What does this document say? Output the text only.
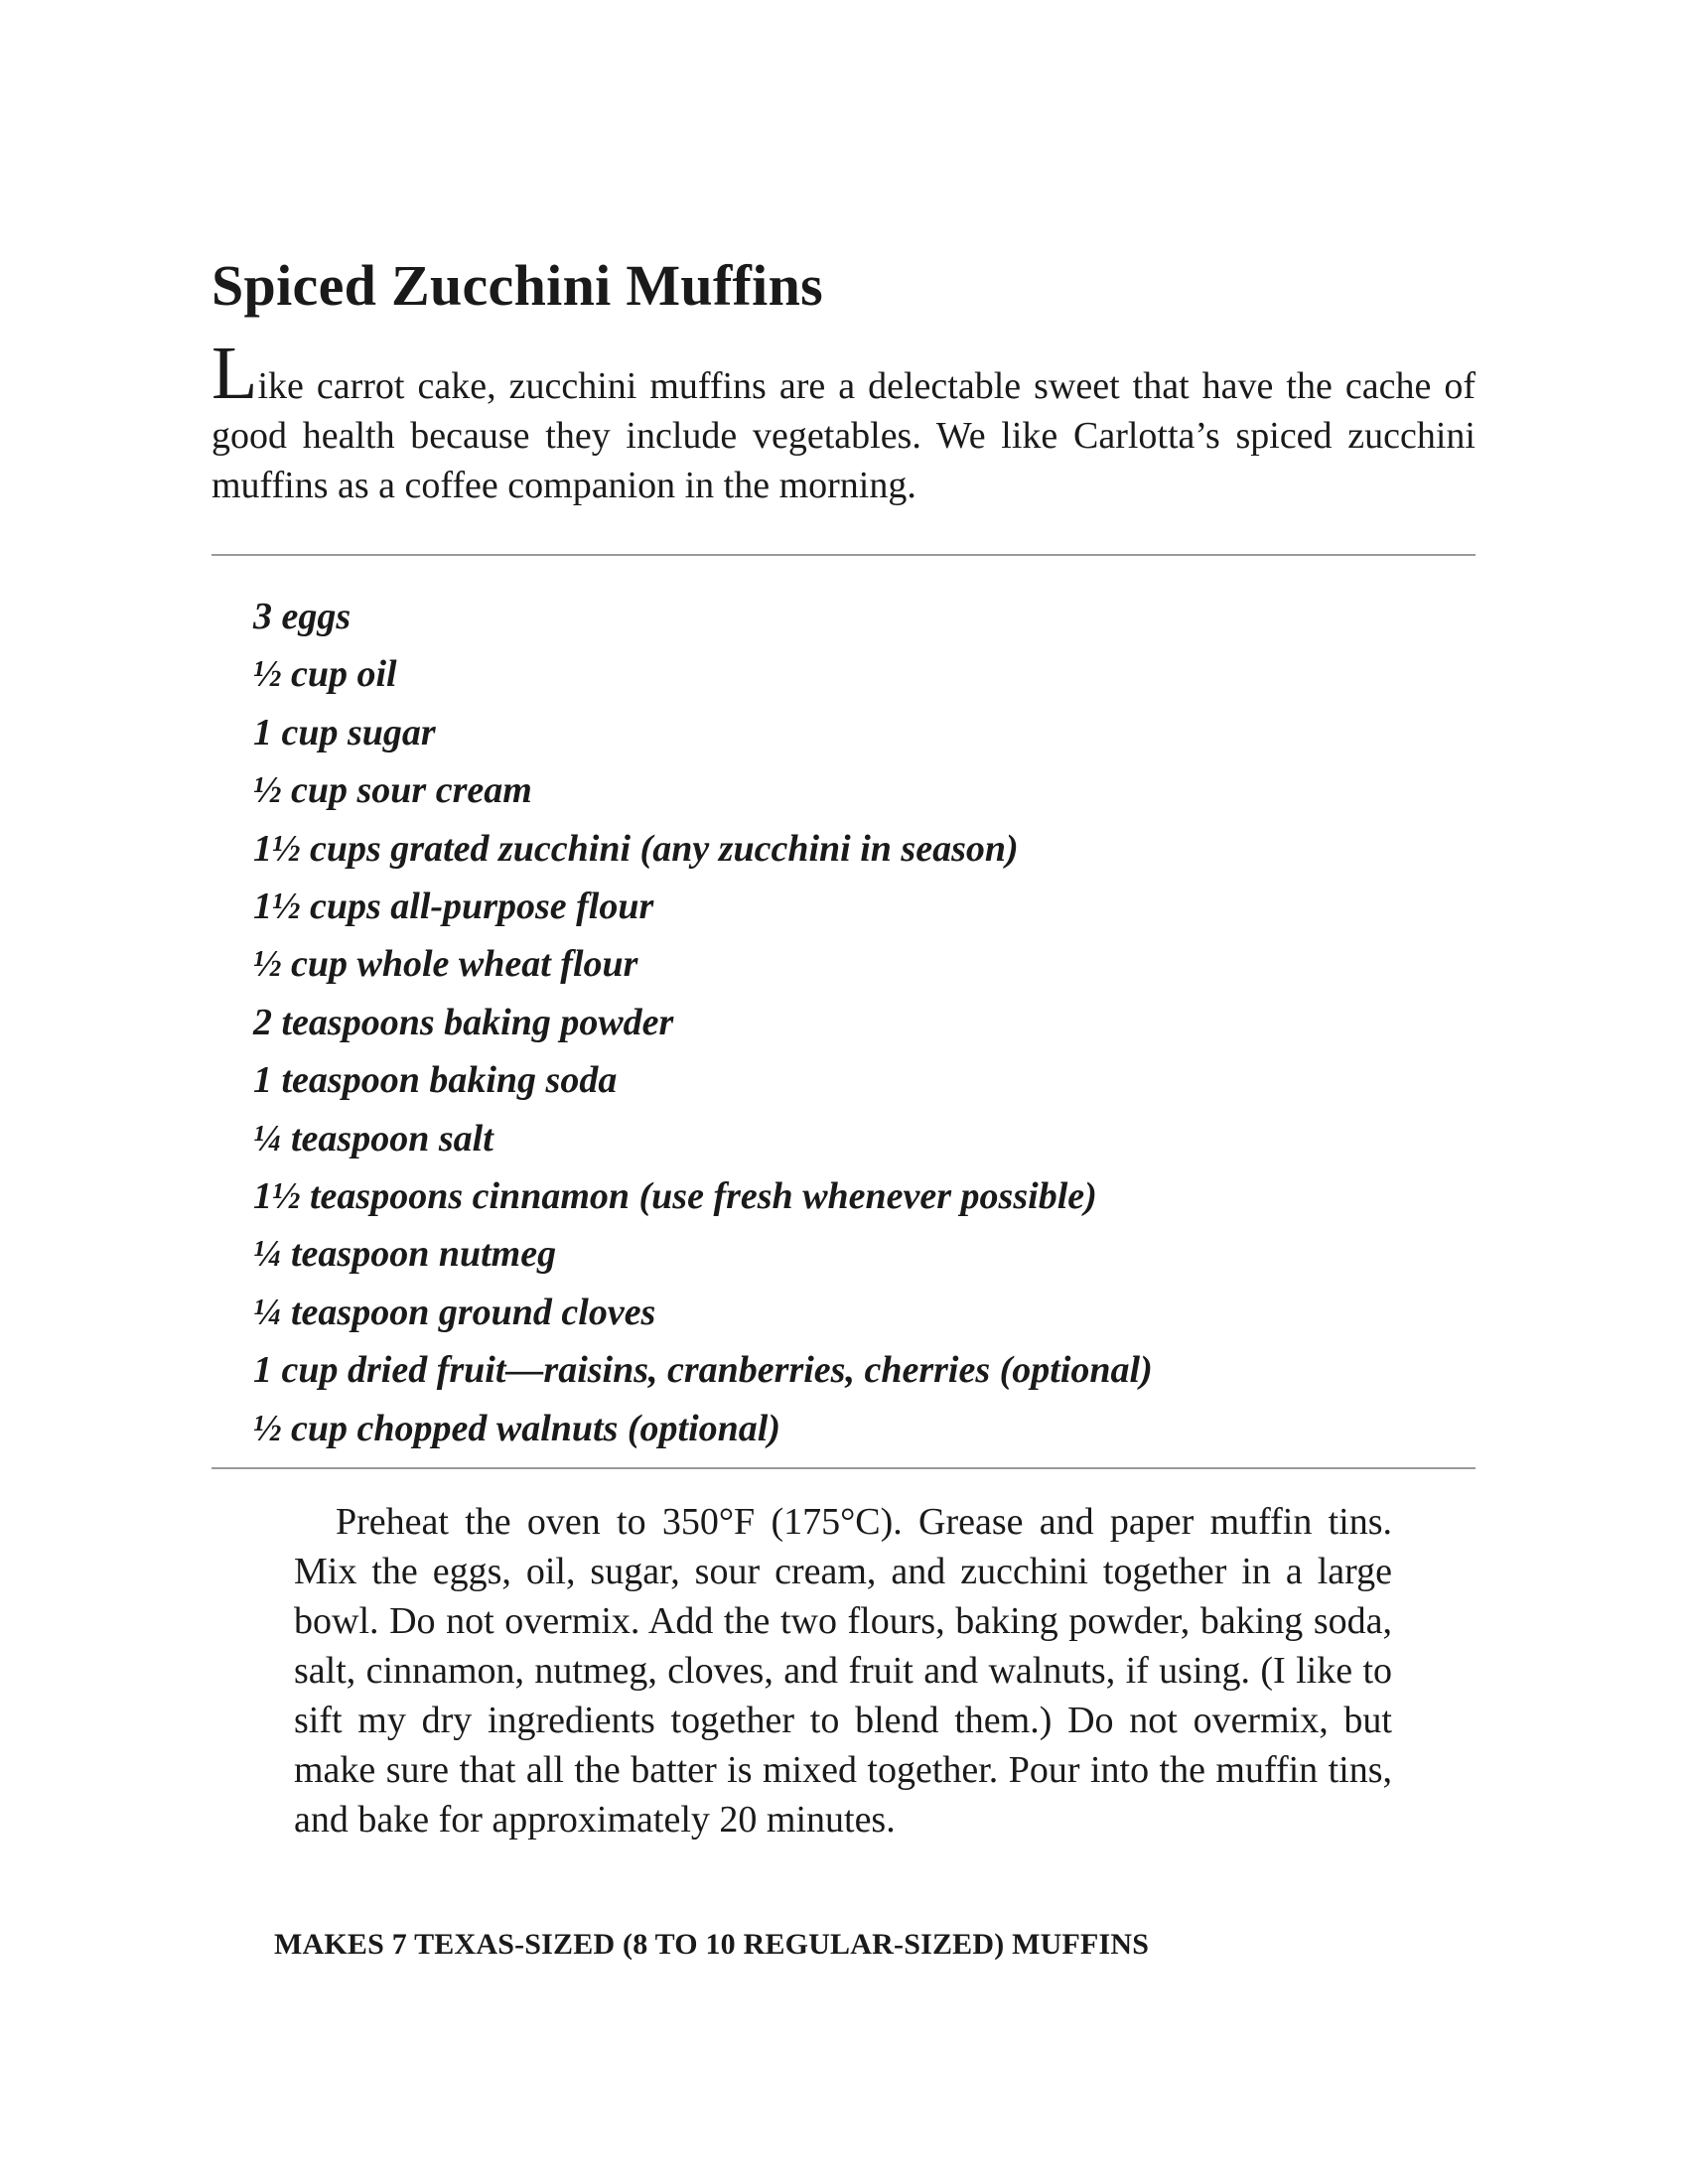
Spiced Zucchini Muffins

Like carrot cake, zucchini muffins are a delectable sweet that have the cache of good health because they include vegetables. We like Carlotta’s spiced zucchini muffins as a coffee companion in the morning.

3 eggs
½ cup oil
1 cup sugar
½ cup sour cream
1½ cups grated zucchini (any zucchini in season)
1½ cups all-purpose flour
½ cup whole wheat flour
2 teaspoons baking powder
1 teaspoon baking soda
¼ teaspoon salt
1½ teaspoons cinnamon (use fresh whenever possible)
¼ teaspoon nutmeg
¼ teaspoon ground cloves
1 cup dried fruit—raisins, cranberries, cherries (optional)
½ cup chopped walnuts (optional)

Preheat the oven to 350°F (175°C). Grease and paper muffin tins. Mix the eggs, oil, sugar, sour cream, and zucchini together in a large bowl. Do not overmix. Add the two flours, baking powder, baking soda, salt, cinnamon, nutmeg, cloves, and fruit and walnuts, if using. (I like to sift my dry ingredients together to blend them.) Do not overmix, but make sure that all the batter is mixed together. Pour into the muffin tins, and bake for approximately 20 minutes.

MAKES 7 TEXAS-SIZED (8 TO 10 REGULAR-SIZED) MUFFINS
